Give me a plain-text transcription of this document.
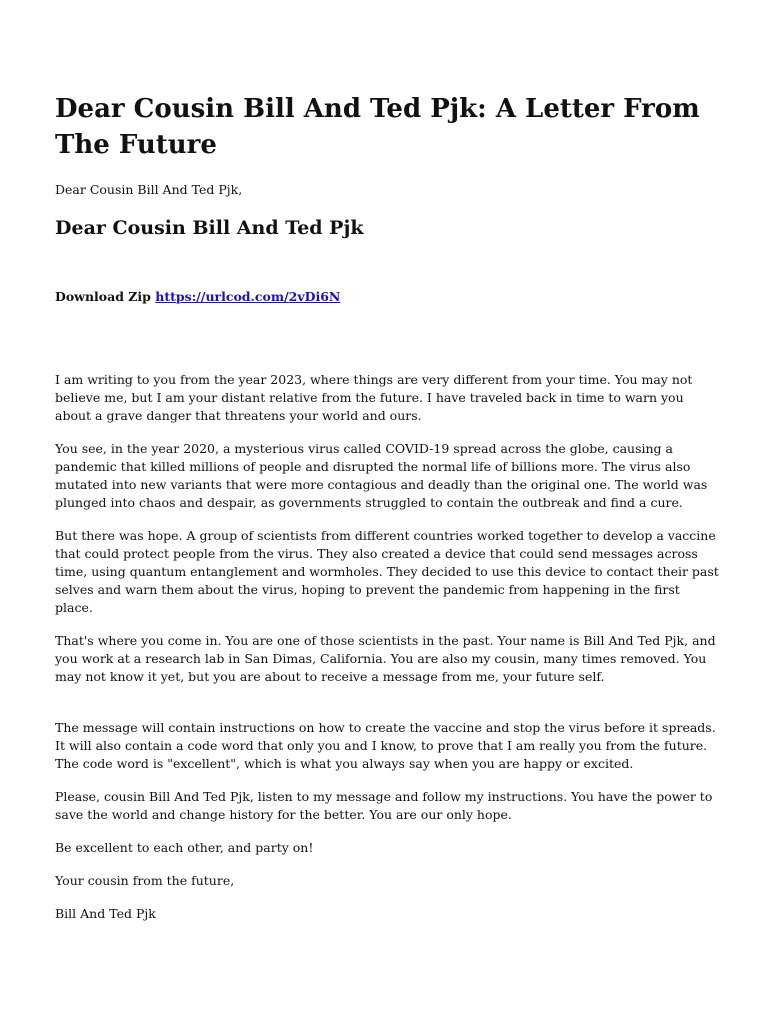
Dear Cousin Bill And Ted Pjk: A Letter From The Future

Dear Cousin Bill And Ted Pjk,

Dear Cousin Bill And Ted Pjk

Download Zip https://urlcod.com/2vDi6N

I am writing to you from the year 2023, where things are very different from your time. You may not believe me, but I am your distant relative from the future. I have traveled back in time to warn you about a grave danger that threatens your world and ours.

You see, in the year 2020, a mysterious virus called COVID-19 spread across the globe, causing a pandemic that killed millions of people and disrupted the normal life of billions more. The virus also mutated into new variants that were more contagious and deadly than the original one. The world was plunged into chaos and despair, as governments struggled to contain the outbreak and find a cure.

But there was hope. A group of scientists from different countries worked together to develop a vaccine that could protect people from the virus. They also created a device that could send messages across time, using quantum entanglement and wormholes. They decided to use this device to contact their past selves and warn them about the virus, hoping to prevent the pandemic from happening in the first place.

That's where you come in. You are one of those scientists in the past. Your name is Bill And Ted Pjk, and you work at a research lab in San Dimas, California. You are also my cousin, many times removed. You may not know it yet, but you are about to receive a message from me, your future self.

The message will contain instructions on how to create the vaccine and stop the virus before it spreads. It will also contain a code word that only you and I know, to prove that I am really you from the future. The code word is "excellent", which is what you always say when you are happy or excited.

Please, cousin Bill And Ted Pjk, listen to my message and follow my instructions. You have the power to save the world and change history for the better. You are our only hope.

Be excellent to each other, and party on!

Your cousin from the future,

Bill And Ted Pjk
